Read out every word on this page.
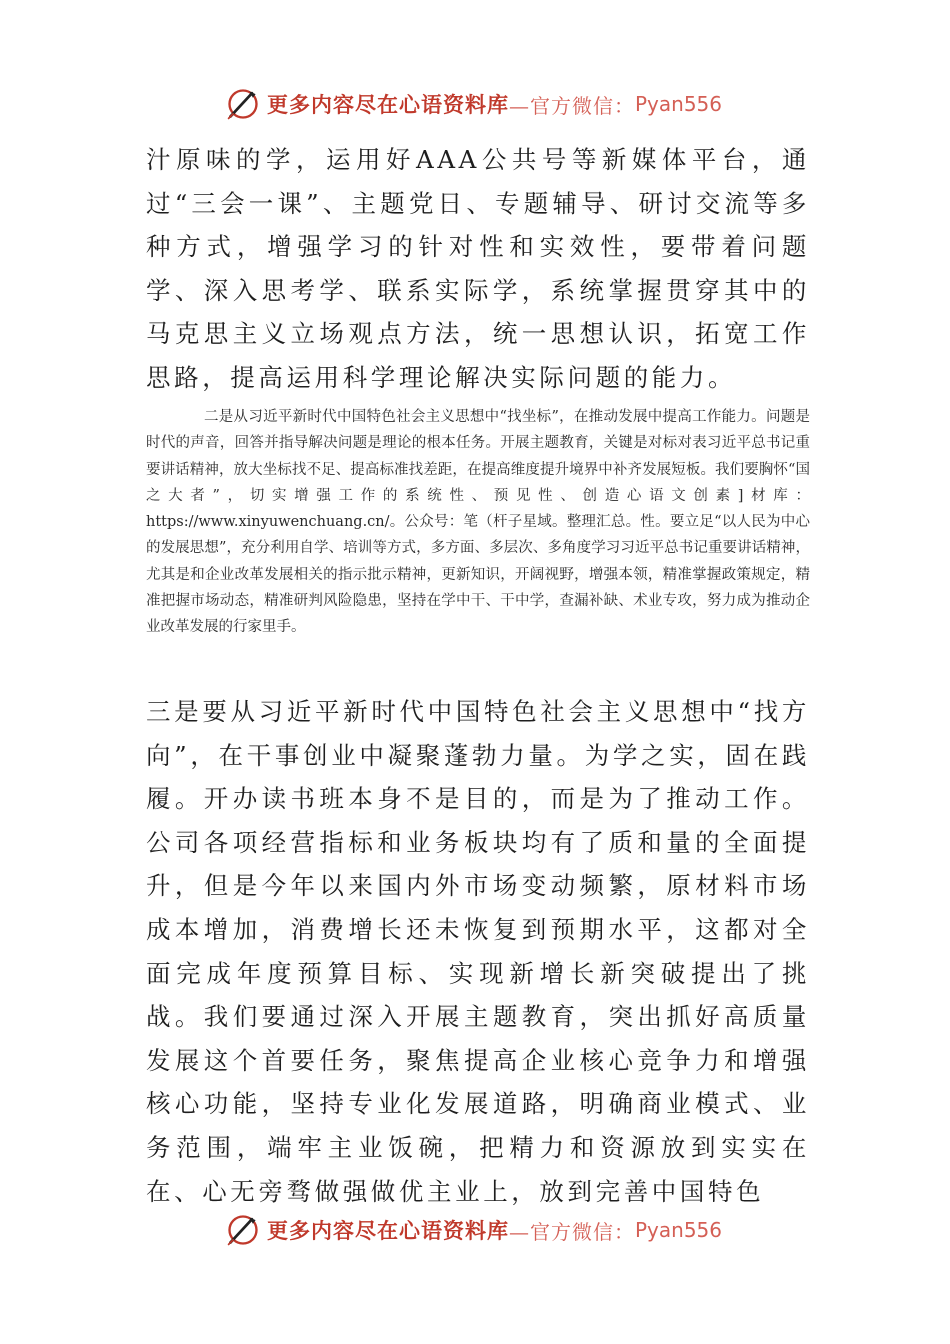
更多内容尽在心语资料库 —官方微信： Pyan556

汁原味的学，运用好AAA公共号等新媒体平台，通过“三会一课”、主题党日、专题辅导、研讨交流等多种方式，增强学习的针对性和实效性，要带着问题学、深入思考学、联系实际学，系统掌握贯穿其中的马克思主义立场观点方法，统一思想认识，拓宽工作思路，提高运用科学理论解决实际问题的能力。

二是从习近平新时代中国特色社会主义思想中“找坐标”，在推动发展中提高工作能力。问题是时代的声音，回答并指导解决问题是理论的根本任务。开展主题教育，关键是对标对表习近平总书记重要讲话精神，放大坐标找不足、提高标准找差距，在提高维度提升境界中补齐发展短板。我们要胸怀“国之大者”，切实增强工作的系统性、预见性、创造心语文创素]材库：https://www.xinyuwenchuang.cn/。公众号：笔（杆子星域。整理汇总。性。要立足“以人民为中心的发展思想”，充分利用自学、培训等方式，多方面、多层次、多角度学习习近平总书记重要讲话精神，尤其是和企业改革发展相关的指示批示精神，更新知识，开阔视野，增强本领，精准掌握政策规定，精准把握市场动态，精准研判风险隐患，坚持在学中干、干中学，查漏补缺、术业专攻，努力成为推动企业改革发展的行家里手。

三是要从习近平新时代中国特色社会主义思想中“找方向”，在干事创业中凝聚蓬勃力量。为学之实，固在践履。开办读书班本身不是目的，而是为了推动工作。公司各项经营指标和业务板块均有了质和量的全面提升，但是今年以来国内外市场变动频繁，原材料市场成本增加，消费增长还未恢复到预期水平，这都对全面完成年度预算目标、实现新增长新突破提出了挑战。我们要通过深入开展主题教育，突出抓好高质量发展这个首要任务，聚焦提高企业核心竞争力和增强核心功能，坚持专业化发展道路，明确商业模式、业务范围，端牢主业饭碗，把精力和资源放到实实在在、心无旁骛做强做优主业上，放到完善中国特色

更多内容尽在心语资料库 —官方微信： Pyan556
